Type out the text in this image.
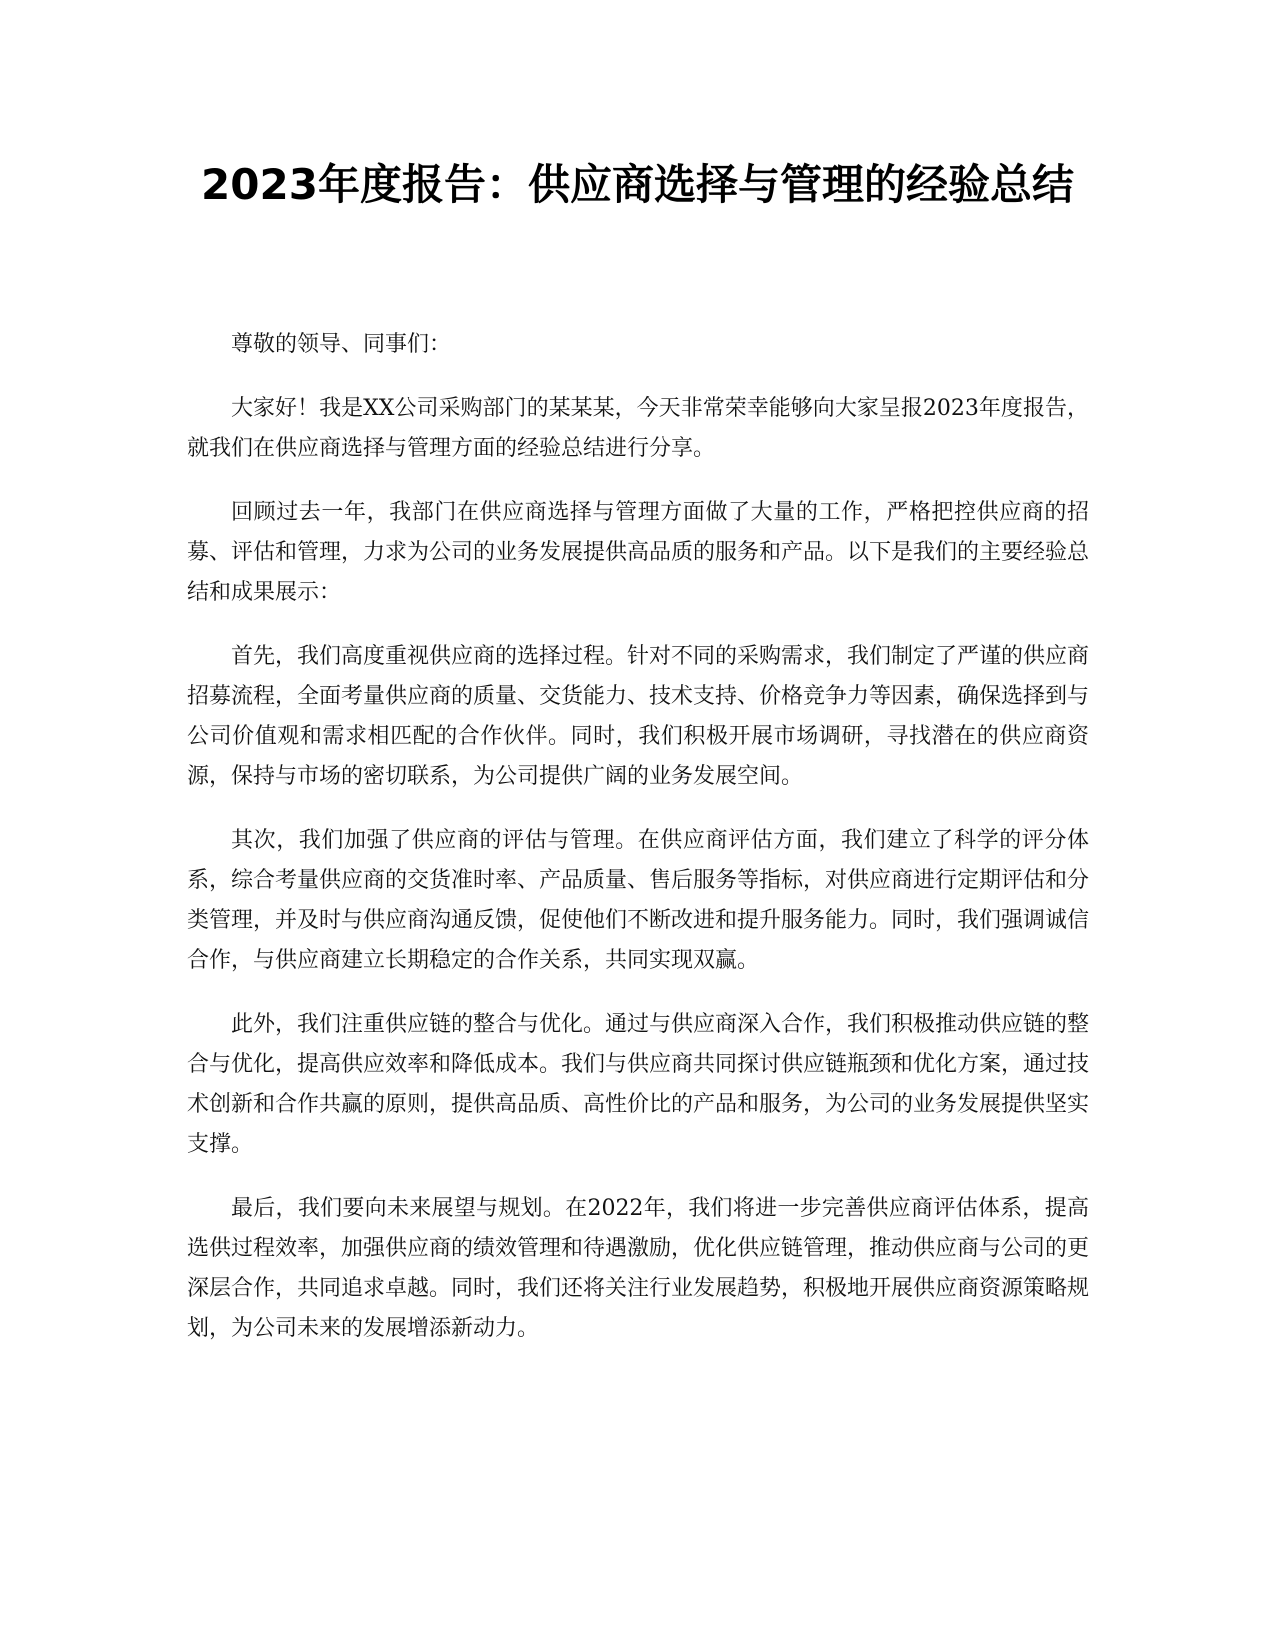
2023年度报告：供应商选择与管理的经验总结

尊敬的领导、同事们：

大家好！我是XX公司采购部门的某某某，今天非常荣幸能够向大家呈报2023年度报告，就我们在供应商选择与管理方面的经验总结进行分享。

回顾过去一年，我部门在供应商选择与管理方面做了大量的工作，严格把控供应商的招募、评估和管理，力求为公司的业务发展提供高品质的服务和产品。以下是我们的主要经验总结和成果展示：

首先，我们高度重视供应商的选择过程。针对不同的采购需求，我们制定了严谨的供应商招募流程，全面考量供应商的质量、交货能力、技术支持、价格竞争力等因素，确保选择到与公司价值观和需求相匹配的合作伙伴。同时，我们积极开展市场调研，寻找潜在的供应商资源，保持与市场的密切联系，为公司提供广阔的业务发展空间。

其次，我们加强了供应商的评估与管理。在供应商评估方面，我们建立了科学的评分体系，综合考量供应商的交货准时率、产品质量、售后服务等指标，对供应商进行定期评估和分类管理，并及时与供应商沟通反馈，促使他们不断改进和提升服务能力。同时，我们强调诚信合作，与供应商建立长期稳定的合作关系，共同实现双赢。

此外，我们注重供应链的整合与优化。通过与供应商深入合作，我们积极推动供应链的整合与优化，提高供应效率和降低成本。我们与供应商共同探讨供应链瓶颈和优化方案，通过技术创新和合作共赢的原则，提供高品质、高性价比的产品和服务，为公司的业务发展提供坚实支撑。

最后，我们要向未来展望与规划。在2022年，我们将进一步完善供应商评估体系，提高选供过程效率，加强供应商的绩效管理和待遇激励，优化供应链管理，推动供应商与公司的更深层合作，共同追求卓越。同时，我们还将关注行业发展趋势，积极地开展供应商资源策略规划，为公司未来的发展增添新动力。
